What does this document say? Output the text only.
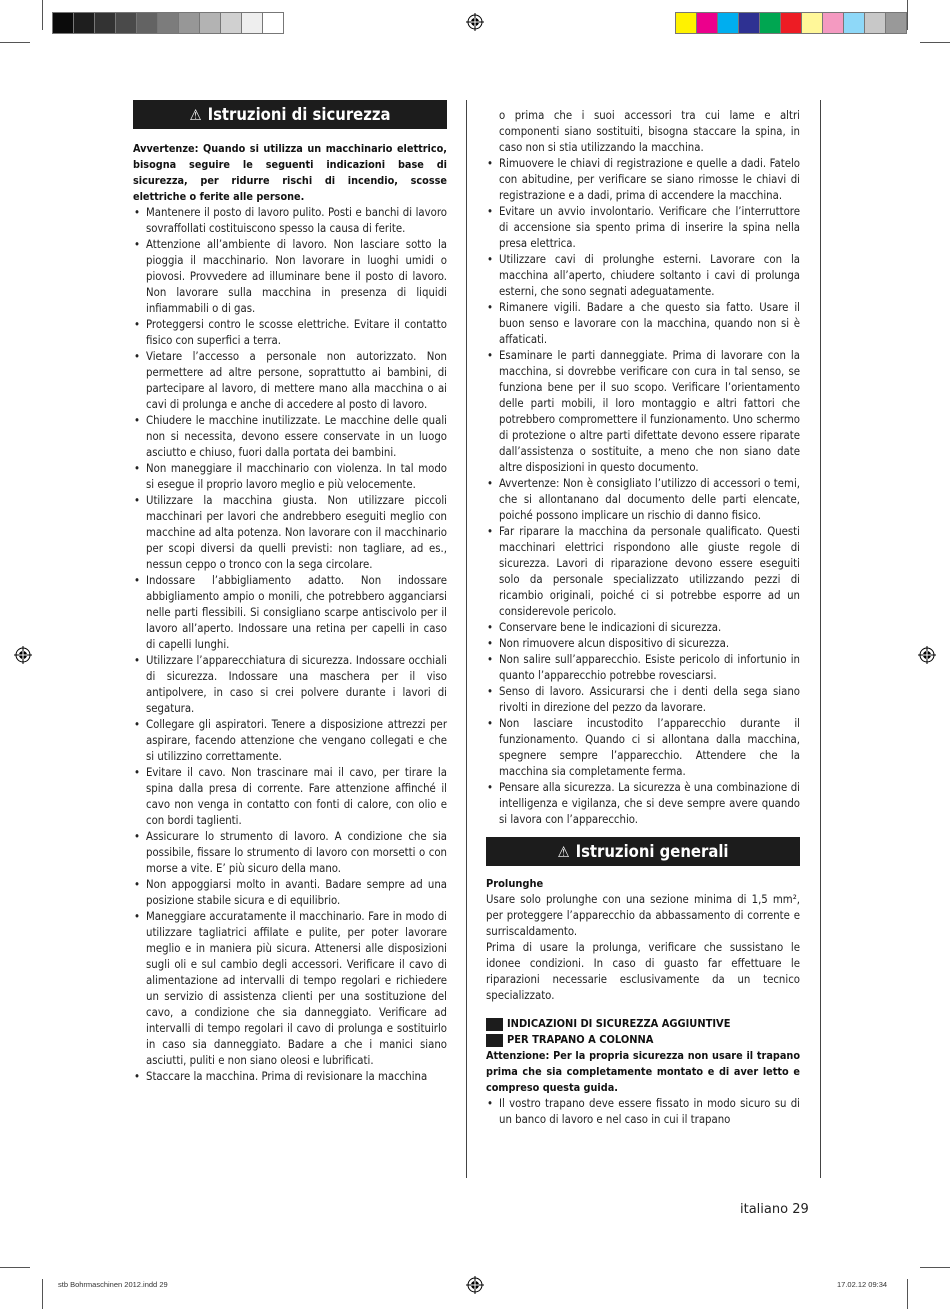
⚠ Istruzioni di sicurezza

Avvertenze: Quando si utilizza un macchinario elettrico, bisogna seguire le seguenti indicazioni base di sicurezza, per ridurre rischi di incendio, scosse elettriche o ferite alle persone.

• Mantenere il posto di lavoro pulito. Posti e banchi di lavoro sovraffollati costituiscono spesso la causa di ferite.
• Attenzione all’ambiente di lavoro. Non lasciare sotto la pioggia il macchinario. Non lavorare in luoghi umidi o piovosi. Provvedere ad illuminare bene il posto di lavoro. Non lavorare sulla macchina in presenza di liquidi infiammabili o di gas.
• Proteggersi contro le scosse elettriche. Evitare il contatto fisico con superfici a terra.
• Vietare l’accesso a personale non autorizzato. Non permettere ad altre persone, soprattutto ai bambini, di partecipare al lavoro, di mettere mano alla macchina o ai cavi di prolunga e anche di accedere al posto di lavoro.
• Chiudere le macchine inutilizzate. Le macchine delle quali non si necessita, devono essere conservate in un luogo asciutto e chiuso, fuori dalla portata dei bambini.
• Non maneggiare il macchinario con violenza. In tal modo si esegue il proprio lavoro meglio e più velocemente.
• Utilizzare la macchina giusta. Non utilizzare piccoli macchinari per lavori che andrebbero eseguiti meglio con macchine ad alta potenza. Non lavorare con il macchinario per scopi diversi da quelli previsti: non tagliare, ad es., nessun ceppo o tronco con la sega circolare.
• Indossare l’abbigliamento adatto. Non indossare abbigliamento ampio o monili, che potrebbero agganciarsi nelle parti flessibili. Si consigliano scarpe antiscivolo per il lavoro all’aperto. Indossare una retina per capelli in caso di capelli lunghi.
• Utilizzare l’apparecchiatura di sicurezza. Indossare occhiali di sicurezza. Indossare una maschera per il viso antipolvere, in caso si crei polvere durante i lavori di segatura.
• Collegare gli aspiratori. Tenere a disposizione attrezzi per aspirare, facendo attenzione che vengano collegati e che si utilizzino correttamente.
• Evitare il cavo. Non trascinare mai il cavo, per tirare la spina dalla presa di corrente. Fare attenzione affinché il cavo non venga in contatto con fonti di calore, con olio e con bordi taglienti.
• Assicurare lo strumento di lavoro. A condizione che sia possibile, fissare lo strumento di lavoro con morsetti o con morse a vite. E’ più sicuro della mano.
• Non appoggiarsi molto in avanti. Badare sempre ad una posizione stabile sicura e di equilibrio.
• Maneggiare accuratamente il macchinario. Fare in modo di utilizzare tagliatrici affilate e pulite, per poter lavorare meglio e in maniera più sicura. Attenersi alle disposizioni sugli oli e sul cambio degli accessori. Verificare il cavo di alimentazione ad intervalli di tempo regolari e richiedere un servizio di assistenza clienti per una sostituzione del cavo, a condizione che sia danneggiato. Verificare ad intervalli di tempo regolari il cavo di prolunga e sostituirlo in caso sia danneggiato. Badare a che i manici siano asciutti, puliti e non siano oleosi e lubrificati.
• Staccare la macchina. Prima di revisionare la macchina

o prima che i suoi accessori tra cui lame e altri componenti siano sostituiti, bisogna staccare la spina, in caso non si stia utilizzando la macchina.

• Rimuovere le chiavi di registrazione e quelle a dadi. Fatelo con abitudine, per verificare se siano rimosse le chiavi di registrazione e a dadi, prima di accendere la macchina.
• Evitare un avvio involontario. Verificare che l’interruttore di accensione sia spento prima di inserire la spina nella presa elettrica.
• Utilizzare cavi di prolunghe esterni. Lavorare con la macchina all’aperto, chiudere soltanto i cavi di prolunga esterni, che sono segnati adeguatamente.
• Rimanere vigili. Badare a che questo sia fatto. Usare il buon senso e lavorare con la macchina, quando non si è affaticati.
• Esaminare le parti danneggiate. Prima di lavorare con la macchina, si dovrebbe verificare con cura in tal senso, se funziona bene per il suo scopo. Verificare l’orientamento delle parti mobili, il loro montaggio e altri fattori che potrebbero compromettere il funzionamento. Uno schermo di protezione o altre parti difettate devono essere riparate dall’assistenza o sostituite, a meno che non siano date altre disposizioni in questo documento.
• Avvertenze: Non è consigliato l’utilizzo di accessori o temi, che si allontanano dal documento delle parti elencate, poiché possono implicare un rischio di danno fisico.
• Far riparare la macchina da personale qualificato. Questi macchinari elettrici rispondono alle giuste regole di sicurezza. Lavori di riparazione devono essere eseguiti solo da personale specializzato utilizzando pezzi di ricambio originali, poiché ci si potrebbe esporre ad un considerevole pericolo.
• Conservare bene le indicazioni di sicurezza.
• Non rimuovere alcun dispositivo di sicurezza.
• Non salire sull’apparecchio. Esiste pericolo di infortunio in quanto l’apparecchio potrebbe rovesciarsi.
• Senso di lavoro. Assicurarsi che i denti della sega siano rivolti in direzione del pezzo da lavorare.
• Non lasciare incustodito l’apparecchio durante il funzionamento. Quando ci si allontana dalla macchina, spegnere sempre l’apparecchio. Attendere che la macchina sia completamente ferma.
• Pensare alla sicurezza. La sicurezza è una combinazione di intelligenza e vigilanza, che si deve sempre avere quando si lavora con l’apparecchio.
⚠ Istruzioni generali
Prolunghe

Usare solo prolunghe con una sezione minima di 1,5 mm², per proteggere l’apparecchio da abbassamento di corrente e surriscaldamento.

Prima di usare la prolunga, verificare che sussistano le idonee condizioni. In caso di guasto far effettuare le riparazioni necessarie esclusivamente da un tecnico specializzato.

INDICAZIONI DI SICUREZZA AGGIUNTIVE
PER TRAPANO A COLONNA

Attenzione: Per la propria sicurezza non usare il trapano prima che sia completamente montato e di aver letto e compreso questa guida.

• Il vostro trapano deve essere fissato in modo sicuro su di un banco di lavoro e nel caso in cui il trapano
italiano 29
stb Bohrmaschinen 2012.indd 29	17.02.12 09:34
